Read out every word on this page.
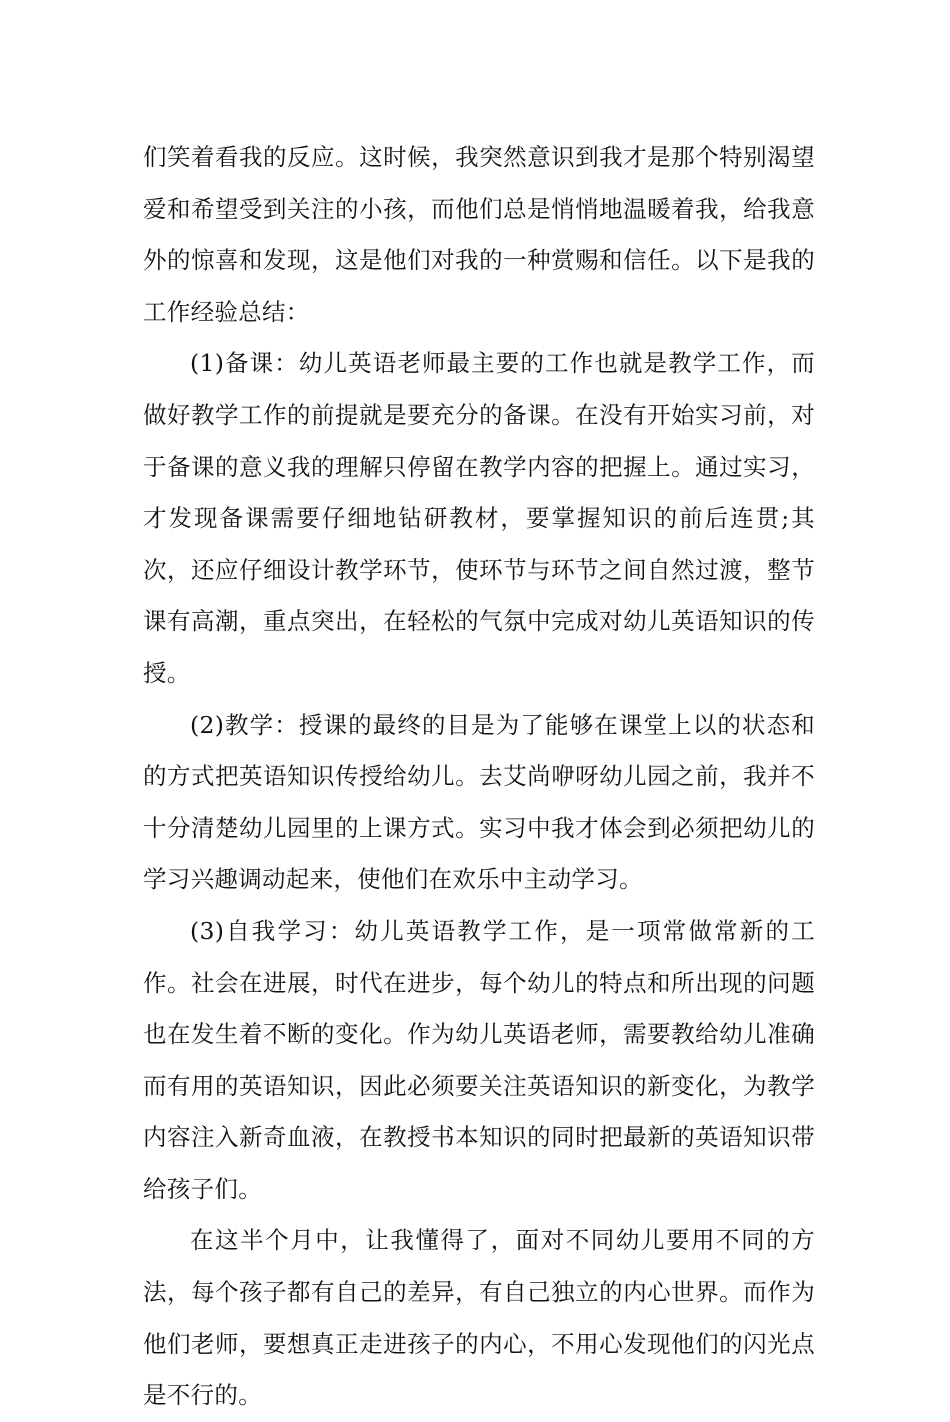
们笑着看我的反应。这时候，我突然意识到我才是那个特别渴望爱和希望受到关注的小孩，而他们总是悄悄地温暖着我，给我意外的惊喜和发现，这是他们对我的一种赏赐和信任。以下是我的工作经验总结：

(1)备课：幼儿英语老师最主要的工作也就是教学工作，而做好教学工作的前提就是要充分的备课。在没有开始实习前，对于备课的意义我的理解只停留在教学内容的把握上。通过实习，才发现备课需要仔细地钻研教材，要掌握知识的前后连贯;其次，还应仔细设计教学环节，使环节与环节之间自然过渡，整节课有高潮，重点突出，在轻松的气氛中完成对幼儿英语知识的传授。

(2)教学：授课的最终的目是为了能够在课堂上以的状态和的方式把英语知识传授给幼儿。去艾尚咿呀幼儿园之前，我并不十分清楚幼儿园里的上课方式。实习中我才体会到必须把幼儿的学习兴趣调动起来，使他们在欢乐中主动学习。

(3)自我学习：幼儿英语教学工作，是一项常做常新的工作。社会在进展，时代在进步，每个幼儿的特点和所出现的问题也在发生着不断的变化。作为幼儿英语老师，需要教给幼儿准确而有用的英语知识，因此必须要关注英语知识的新变化，为教学内容注入新奇血液，在教授书本知识的同时把最新的英语知识带给孩子们。

在这半个月中，让我懂得了，面对不同幼儿要用不同的方法，每个孩子都有自己的差异，有自己独立的内心世界。而作为他们老师，要想真正走进孩子的内心，不用心发现他们的闪光点是不行的。
